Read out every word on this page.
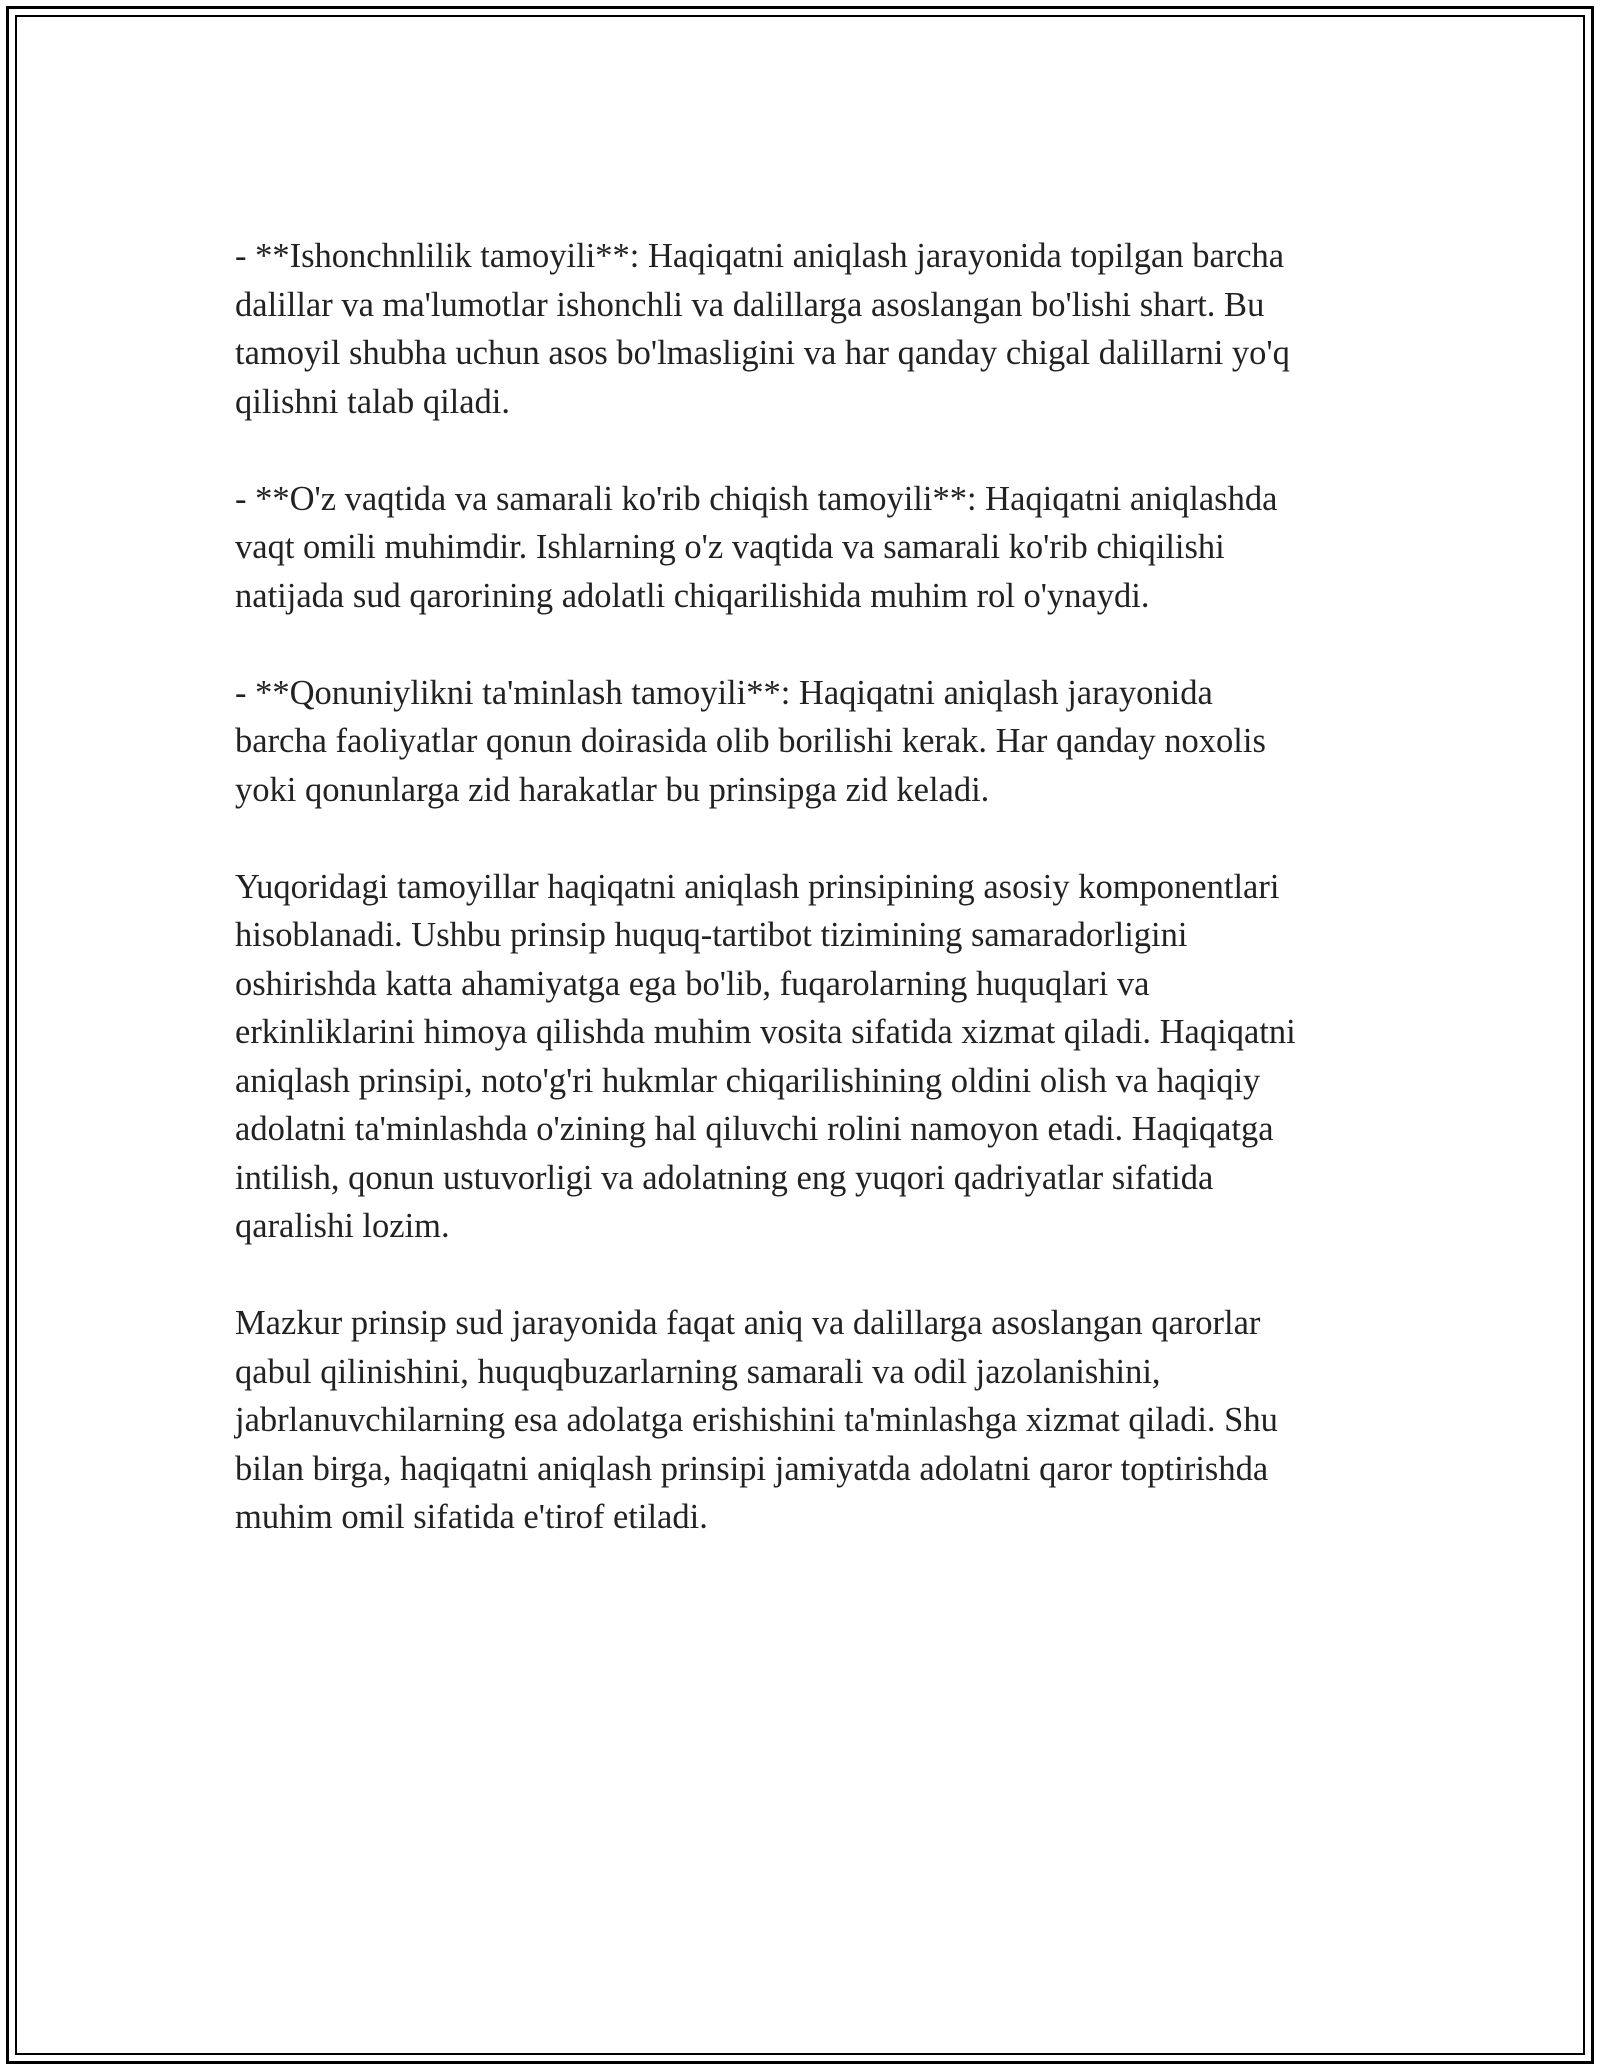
- **Ishonchnlilik tamoyili**: Haqiqatni aniqlash jarayonida topilgan barcha
dalillar va ma'lumotlar ishonchli va dalillarga asoslangan bo'lishi shart. Bu
tamoyil shubha uchun asos bo'lmasligini va har qanday chigal dalillarni yo'q
qilishni talab qiladi.

- **O'z vaqtida va samarali ko'rib chiqish tamoyili**: Haqiqatni aniqlashda
vaqt omili muhimdir. Ishlarning o'z vaqtida va samarali ko'rib chiqilishi
natijada sud qarorining adolatli chiqarilishida muhim rol o'ynaydi.

- **Qonuniylikni ta'minlash tamoyili**: Haqiqatni aniqlash jarayonida
barcha faoliyatlar qonun doirasida olib borilishi kerak. Har qanday noxolis
yoki qonunlarga zid harakatlar bu prinsipga zid keladi.

Yuqoridagi tamoyillar haqiqatni aniqlash prinsipining asosiy komponentlari
hisoblanadi. Ushbu prinsip huquq-tartibot tizimining samaradorligini
oshirishda katta ahamiyatga ega bo'lib, fuqarolarning huquqlari va
erkinliklarini himoya qilishda muhim vosita sifatida xizmat qiladi. Haqiqatni
aniqlash prinsipi, noto'g'ri hukmlar chiqarilishining oldini olish va haqiqiy
adolatni ta'minlashda o'zining hal qiluvchi rolini namoyon etadi. Haqiqatga
intilish, qonun ustuvorligi va adolatning eng yuqori qadriyatlar sifatida
qaralishi lozim.

Mazkur prinsip sud jarayonida faqat aniq va dalillarga asoslangan qarorlar
qabul qilinishini, huquqbuzarlarning samarali va odil jazolanishini,
jabrlanuvchilarning esa adolatga erishishini ta'minlashga xizmat qiladi. Shu
bilan birga, haqiqatni aniqlash prinsipi jamiyatda adolatni qaror toptirishda
muhim omil sifatida e'tirof etiladi.
